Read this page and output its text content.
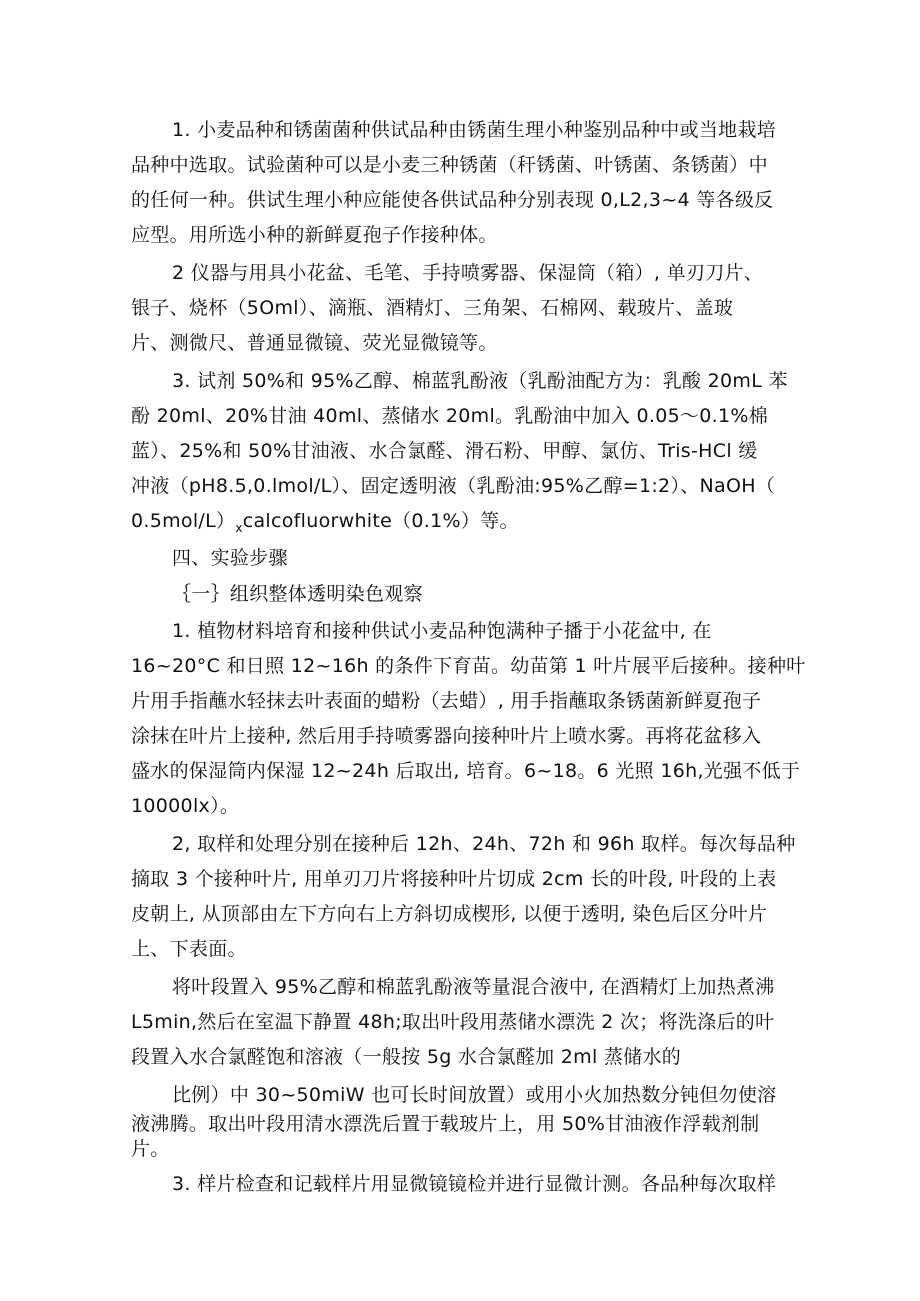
1. 小麦品种和锈菌菌种供试品种由锈菌生理小种鉴别品种中或当地栽培
品种中选取。试验菌种可以是小麦三种锈菌（秆锈菌、叶锈菌、条锈菌）中
的任何一种。供试生理小种应能使各供试品种分别表现 0,L2,3~4 等各级反
应型。用所选小种的新鲜夏孢子作接种体。
2 仪器与用具小花盆、毛笔、手持喷雾器、保湿筒（箱）, 单刃刀片、
银子、烧杯（5Oml）、滴瓶、酒精灯、三角架、石棉网、载玻片、盖玻
片、测微尺、普通显微镜、荧光显微镜等。
3. 试剂 50%和 95%乙醇、棉蓝乳酚液（乳酚油配方为：乳酸 20mL 苯
酚 20ml、20%甘油 40ml、蒸储水 20ml。乳酚油中加入 0.05～0.1%棉
蓝）、25%和 50%甘油液、水合氯醛、滑石粉、甲醇、氯仿、Tris-HCl 缓
冲液（pH8.5,0.lmol/L）、固定透明液（乳酚油:95%乙醇=1:2）、NaOH（
$0.5mol∕L)_xcalcofluorwhite(0.1\%)$等。
四、实验步骤
｛一｝组织整体透明染色观察
1. 植物材料培育和接种供试小麦品种饱满种子播于小花盆中, 在
16~20°C 和日照 12~16h 的条件下育苗。幼苗第 1 叶片展平后接种。接种叶
片用手指蘸水轻抹去叶表面的蜡粉（去蜡）, 用手指蘸取条锈菌新鲜夏孢子
涂抹在叶片上接种, 然后用手持喷雾器向接种叶片上喷水雾。再将花盆移入
盛水的保湿筒内保湿 12~24h 后取出, 培育。6~18。6 光照 16h,光强不低于
10000lx）。
2, 取样和处理分别在接种后 12h、24h、72h 和 96h 取样。每次每品种
摘取 3 个接种叶片, 用单刃刀片将接种叶片切成 2cm 长的叶段, 叶段的上表
皮朝上, 从顶部由左下方向右上方斜切成楔形, 以便于透明, 染色后区分叶片
上、下表面。
将叶段置入 95%乙醇和棉蓝乳酚液等量混合液中, 在酒精灯上加热煮沸
L5min,然后在室温下静置 48h;取出叶段用蒸储水漂洗 2 次；将洗涤后的叶
段置入水合氯醛饱和溶液（一般按 5g 水合氯醛加 2ml 蒸储水的
比例）中 30~50miW 也可长时间放置）或用小火加热数分钝但勿使溶
液沸腾。取出叶段用清水漂洗后置于载玻片上，用 50%甘油液作浮载剂制
片。
3. 样片检查和记载样片用显微镜镜检并进行显微计测。各品种每次取样
